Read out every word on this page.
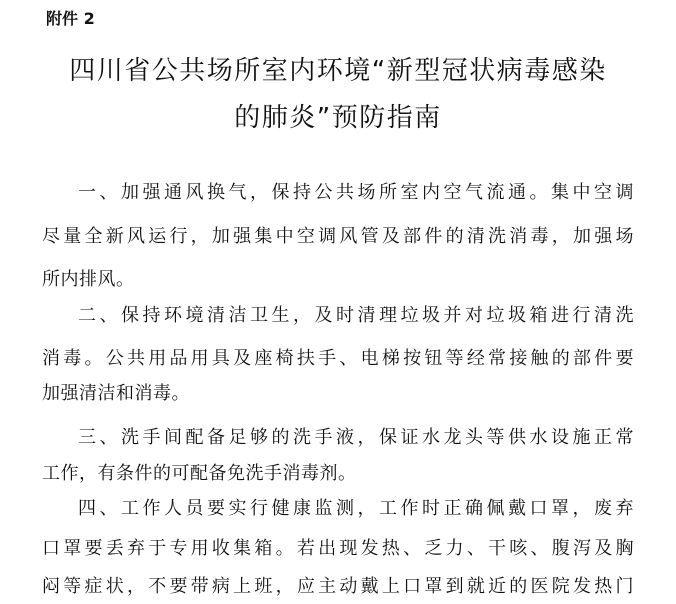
附件 2
四川省公共场所室内环境“新型冠状病毒感染
的肺炎”预防指南
一、加强通风换气，保持公共场所室内空气流通。集中空调
尽量全新风运行，加强集中空调风管及部件的清洗消毒，加强场
所内排风。
二、保持环境清洁卫生，及时清理垃圾并对垃圾箱进行清洗
消毒。公共用品用具及座椅扶手、电梯按钮等经常接触的部件要
加强清洁和消毒。
三、洗手间配备足够的洗手液，保证水龙头等供水设施正常
工作，有条件的可配备免洗手消毒剂。
四、工作人员要实行健康监测，工作时正确佩戴口罩，废弃
口罩要丢弃于专用收集箱。若出现发热、乏力、干咳、腹泻及胸
闷等症状，不要带病上班，应主动戴上口罩到就近的医院发热门
